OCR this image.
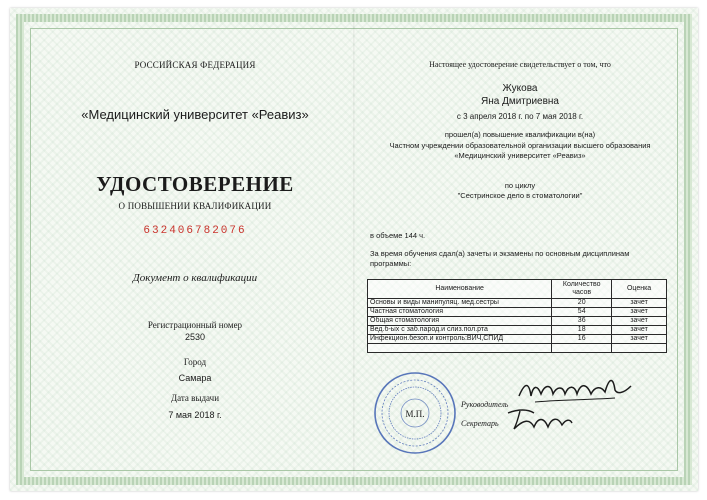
РОССИЙСКАЯ ФЕДЕРАЦИЯ
«Медицинский университет «Реавиз»
УДОСТОВЕРЕНИЕ
О ПОВЫШЕНИИ КВАЛИФИКАЦИИ
632406782076
Документ о квалификации
Регистрационный номер
2530
Город
Самара
Дата выдачи
7 мая 2018 г.
Настоящее удостоверение свидетельствует о том, что
Жукова
Яна Дмитриевна
с 3 апреля 2018 г. по 7 мая 2018 г.
прошел(а) повышение квалификации в(на)
Частном учреждении образовательной организации высшего образования
«Медицинский университет «Реавиз»
по циклу
"Сестринское дело в стоматологии"
в объеме 144 ч.
За время обучения сдал(а) зачеты и экзамены по основным дисциплинам программы:
Наименование	Количество часов	Оценка
Основы и виды манипуляц. мед.сестры	20	зачет
Частная стоматология	54	зачет
Общая стоматология	36	зачет
Вед.б-ых с заб.парод.и слиз.пол.рта	18	зачет
Инфекцион.безоп.и контроль:ВИЧ,СПИД	16	зачет

М.П.
Руководитель
Секретарь
